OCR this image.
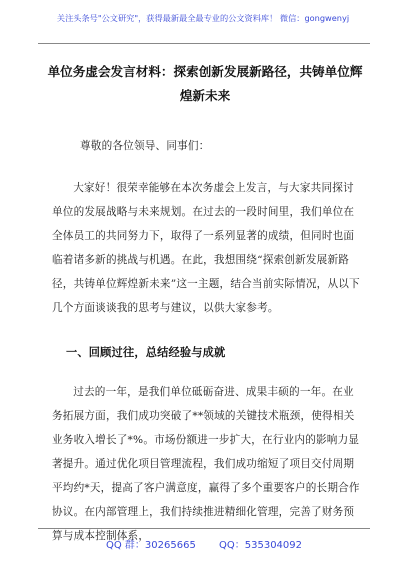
关注头条号"公文研究"，获得最新最全最专业的公文资料库！ 微信：gongwenyj
单位务虚会发言材料：探索创新发展新路径，共铸单位辉煌新未来
尊敬的各位领导、同事们：
大家好！很荣幸能够在本次务虚会上发言，与大家共同探讨单位的发展战略与未来规划。在过去的一段时间里，我们单位在全体员工的共同努力下，取得了一系列显著的成绩，但同时也面临着诸多新的挑战与机遇。在此，我想围绕“探索创新发展新路径，共铸单位辉煌新未来”这一主题，结合当前实际情况，从以下几个方面谈谈我的思考与建议，以供大家参考。
一、回顾过往，总结经验与成就
过去的一年，是我们单位砥砺奋进、成果丰硕的一年。在业务拓展方面，我们成功突破了**领域的关键技术瓶颈，使得相关业务收入增长了*%。市场份额进一步扩大，在行业内的影响力显著提升。通过优化项目管理流程，我们成功缩短了项目交付周期平均约*天，提高了客户满意度，赢得了多个重要客户的长期合作协议。在内部管理上，我们持续推进精细化管理，完善了财务预算与成本控制体系，
QQ 群：30265665 QQ：535304092
